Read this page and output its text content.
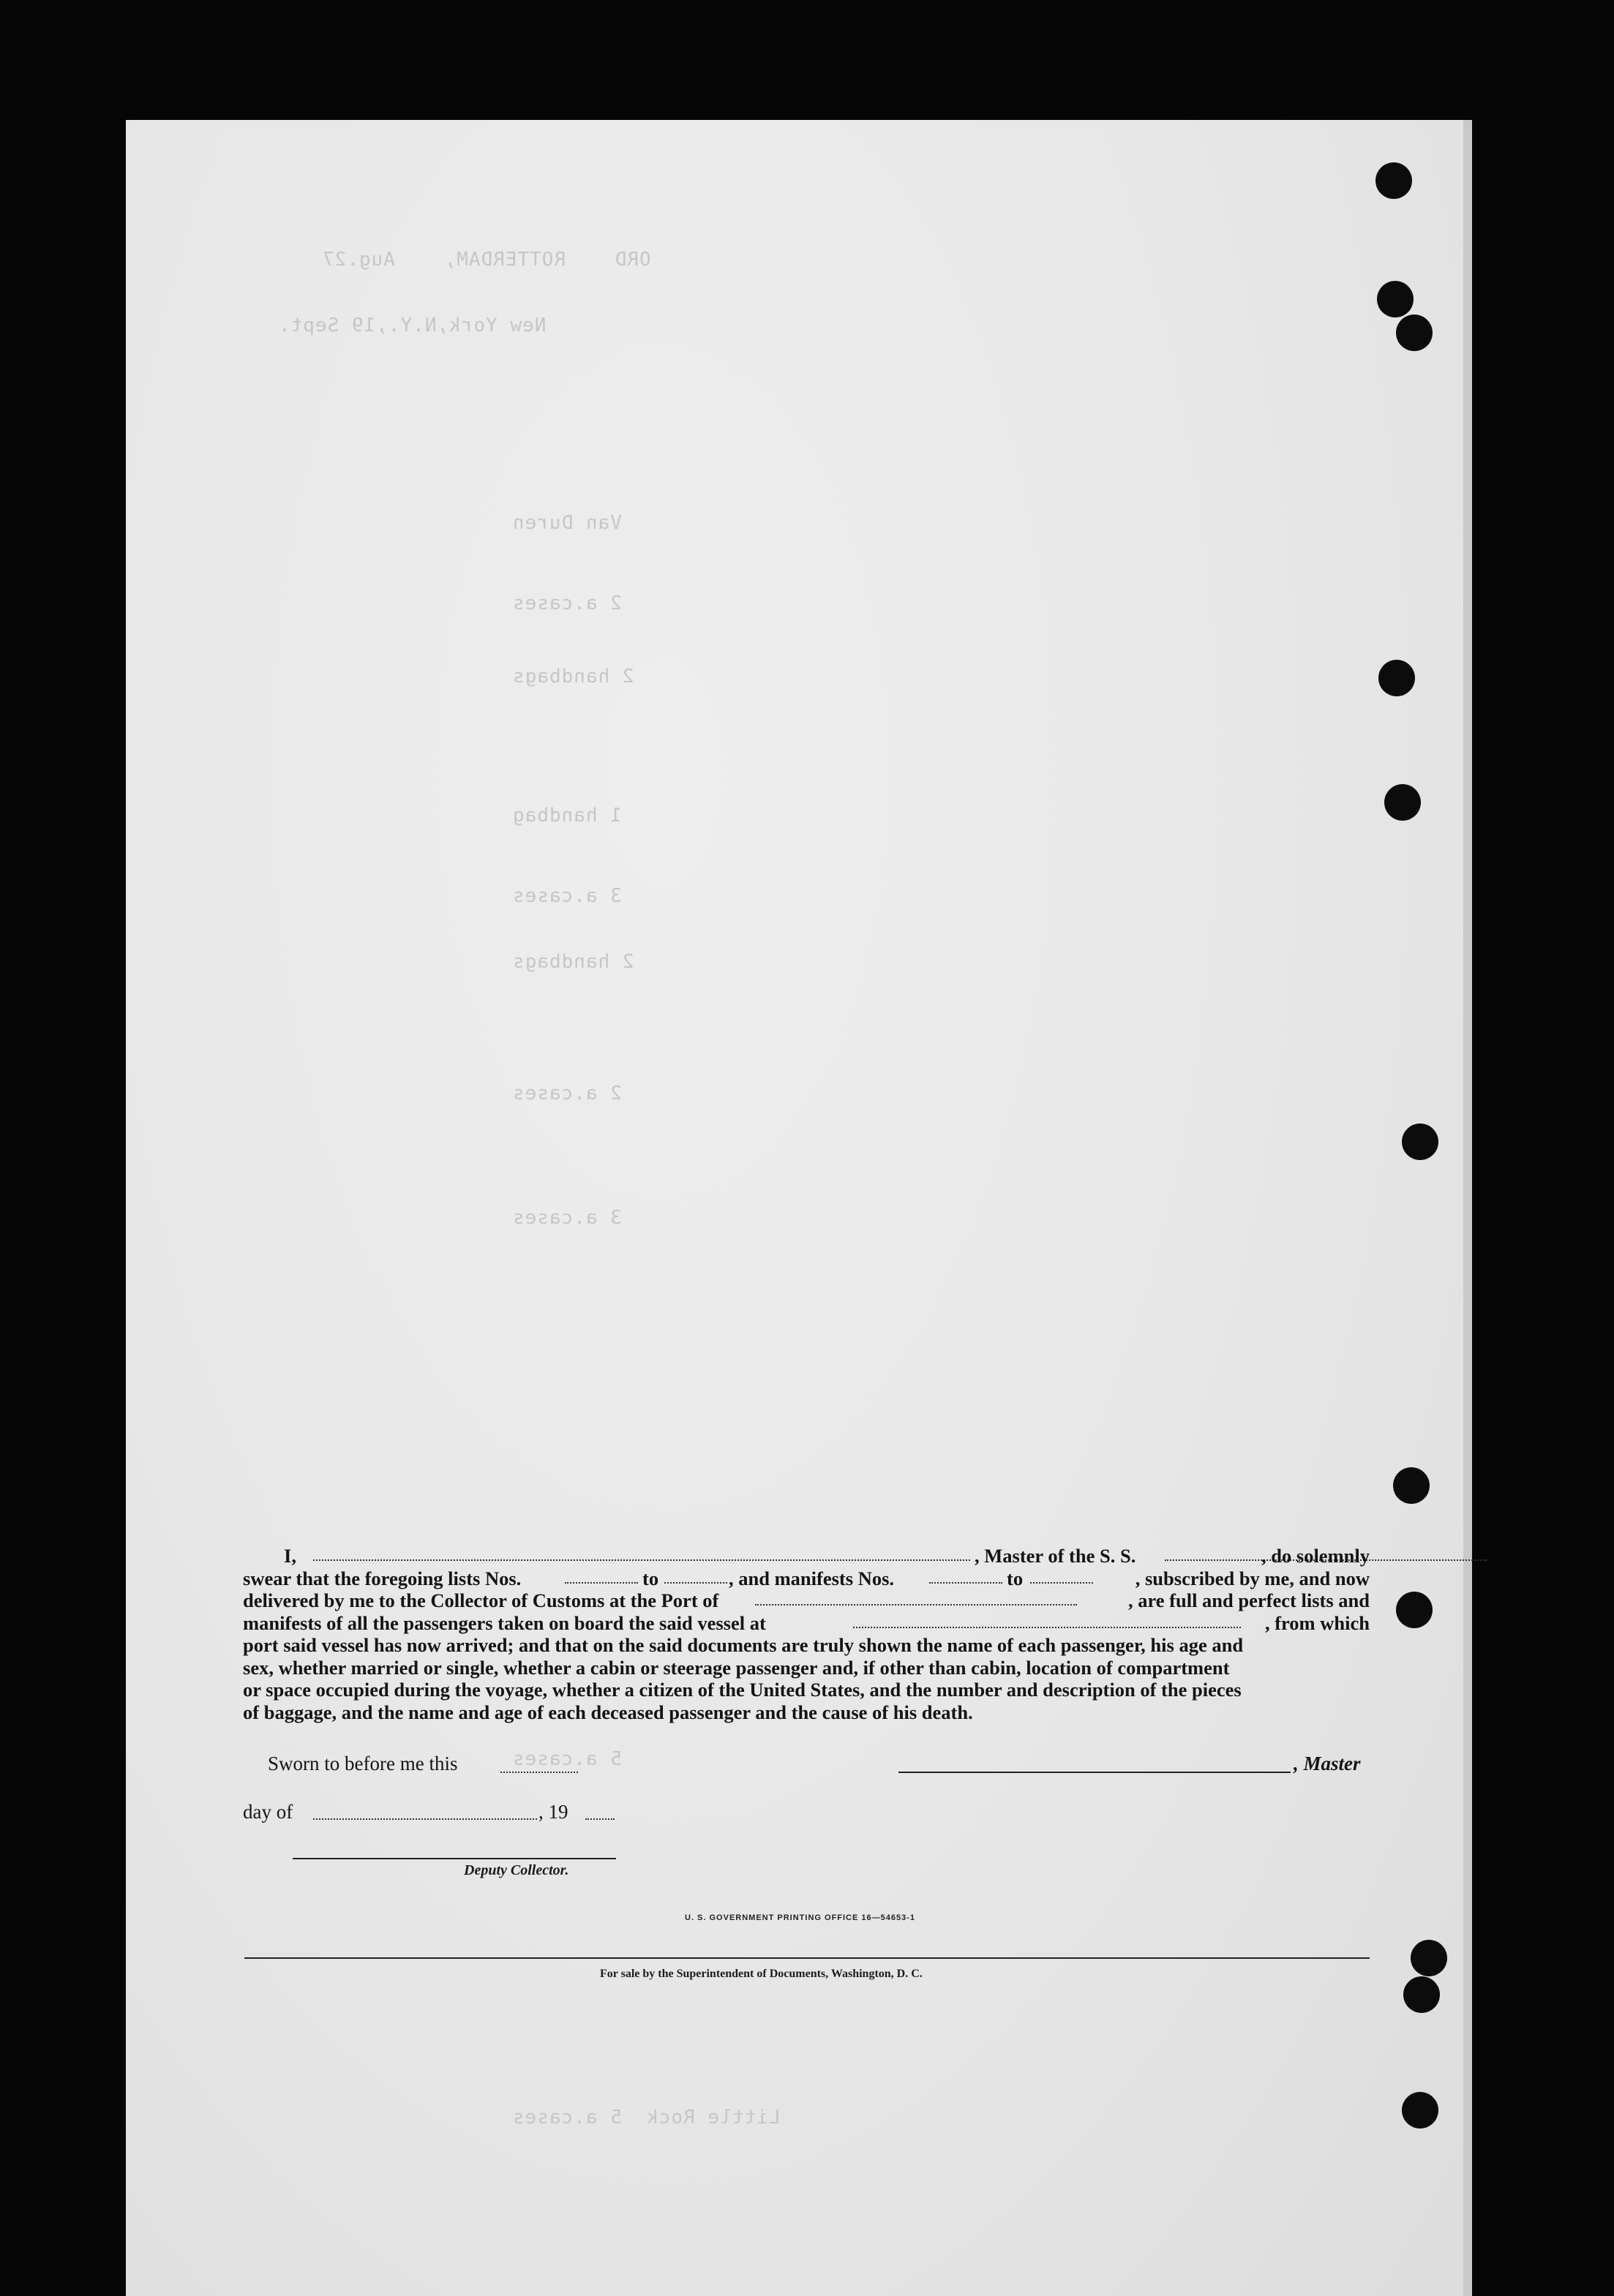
ORD    ROTTERDAM,    Aug.27
New York,N.Y.,19 Sept.
Van Duren
2 a.cases
2 handbags
1 handbag
3 a.cases
2 handbags
2 a.cases
3 a.cases
5 a.cases
Little Rock  5 a.cases
I,	, Master of the S. S.	, do solemnly
swear that the foregoing lists Nos.	to	, and manifests Nos.	to	, subscribed by me, and now
delivered by me to the Collector of Customs at the Port of	, are full and perfect lists and
manifests of all the passengers taken on board the said vessel at	, from which
port said vessel has now arrived; and that on the said documents are truly shown the name of each passenger, his age and
sex, whether married or single, whether a cabin or steerage passenger and, if other than cabin, location of compartment
or space occupied during the voyage, whether a citizen of the United States, and the number and description of the pieces
of baggage, and the name and age of each deceased passenger and the cause of his death.
Sworn to before me this	, Master
day of	, 19
Deputy Collector.
U. S. GOVERNMENT PRINTING OFFICE 16—54653-1
For sale by the Superintendent of Documents, Washington, D. C.
